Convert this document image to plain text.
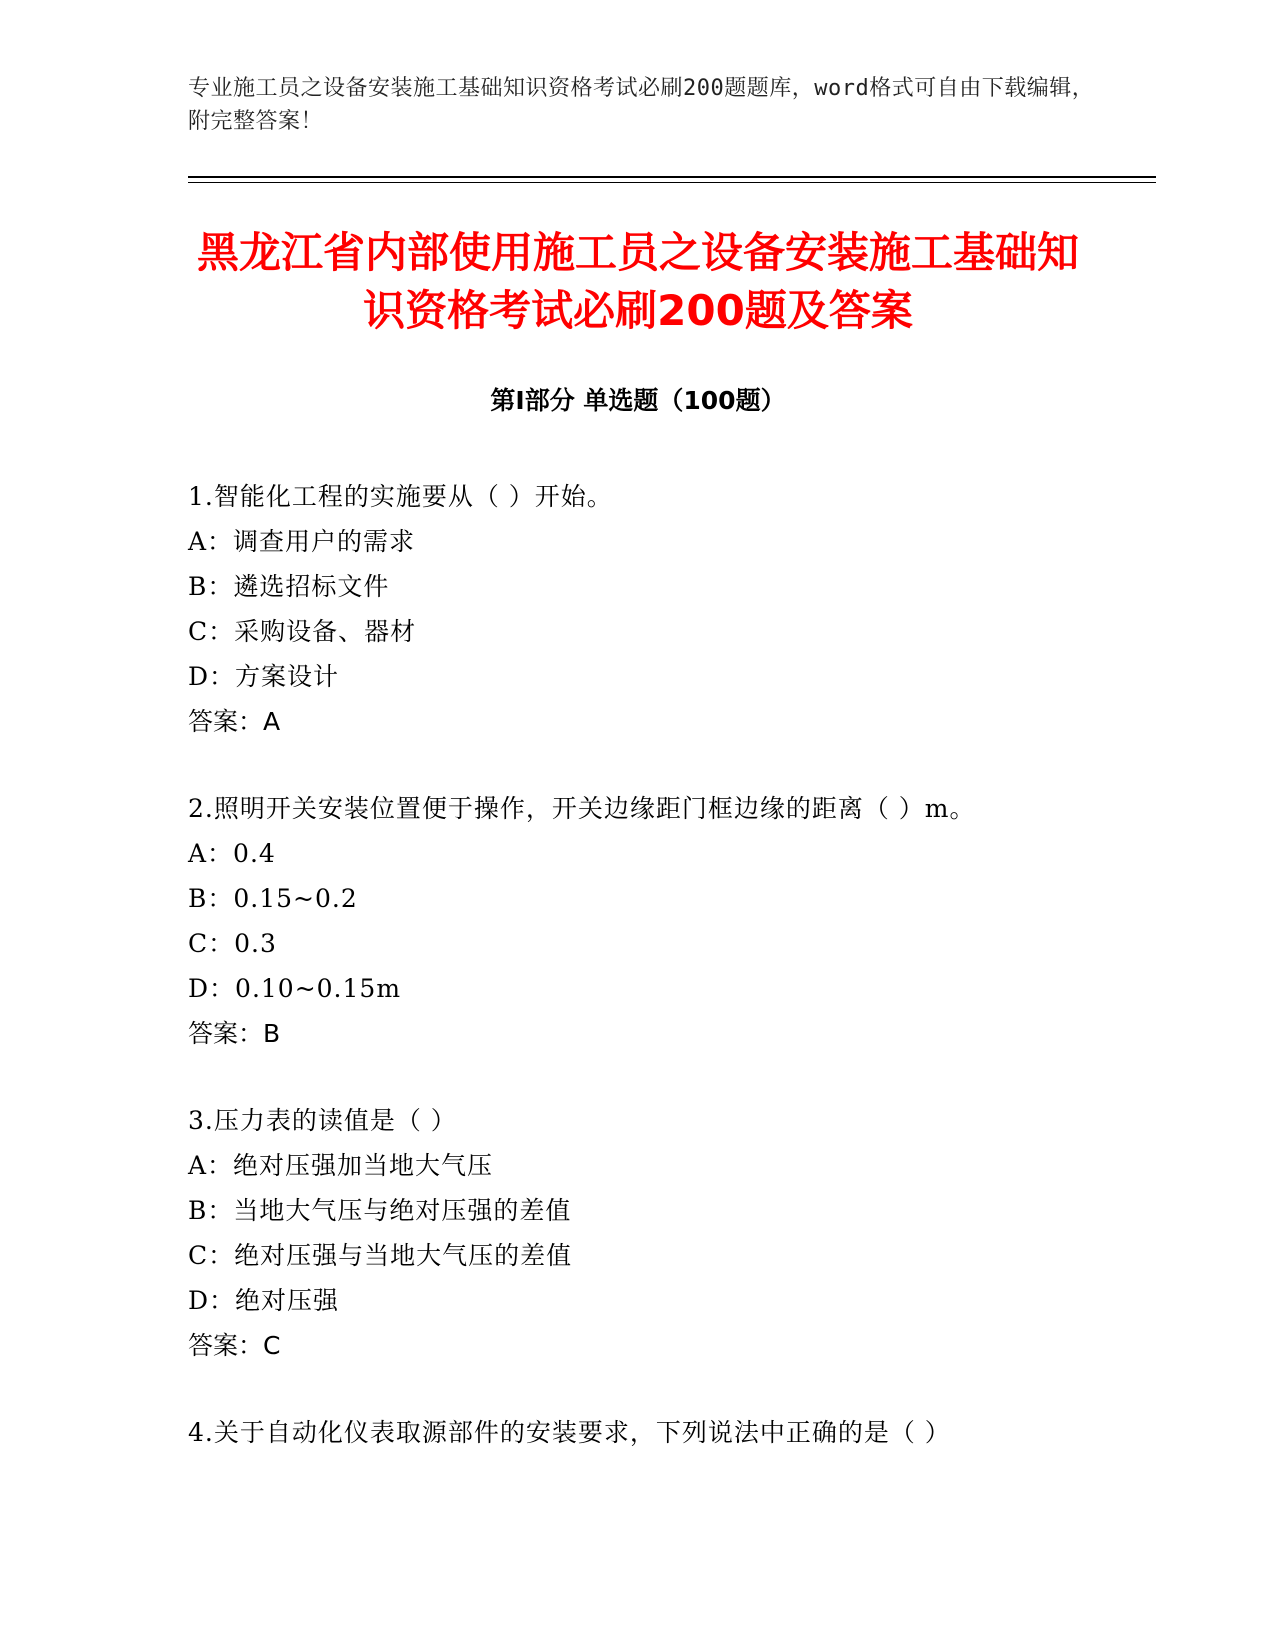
专业施工员之设备安装施工基础知识资格考试必刷200题题库，word格式可自由下载编辑，附完整答案！
黑龙江省内部使用施工员之设备安装施工基础知识资格考试必刷200题及答案
第Ⅰ部分 单选题（100题）
1.智能化工程的实施要从（ ）开始。
A：调查用户的需求
B：遴选招标文件
C：采购设备、器材
D：方案设计
答案：A
2.照明开关安装位置便于操作，开关边缘距门框边缘的距离（ ）m。
A：0.4
B：0.15~0.2
C：0.3
D：0.10~0.15m
答案：B
3.压力表的读值是（ ）
A：绝对压强加当地大气压
B：当地大气压与绝对压强的差值
C：绝对压强与当地大气压的差值
D：绝对压强
答案：C
4.关于自动化仪表取源部件的安装要求，下列说法中正确的是（ ）
